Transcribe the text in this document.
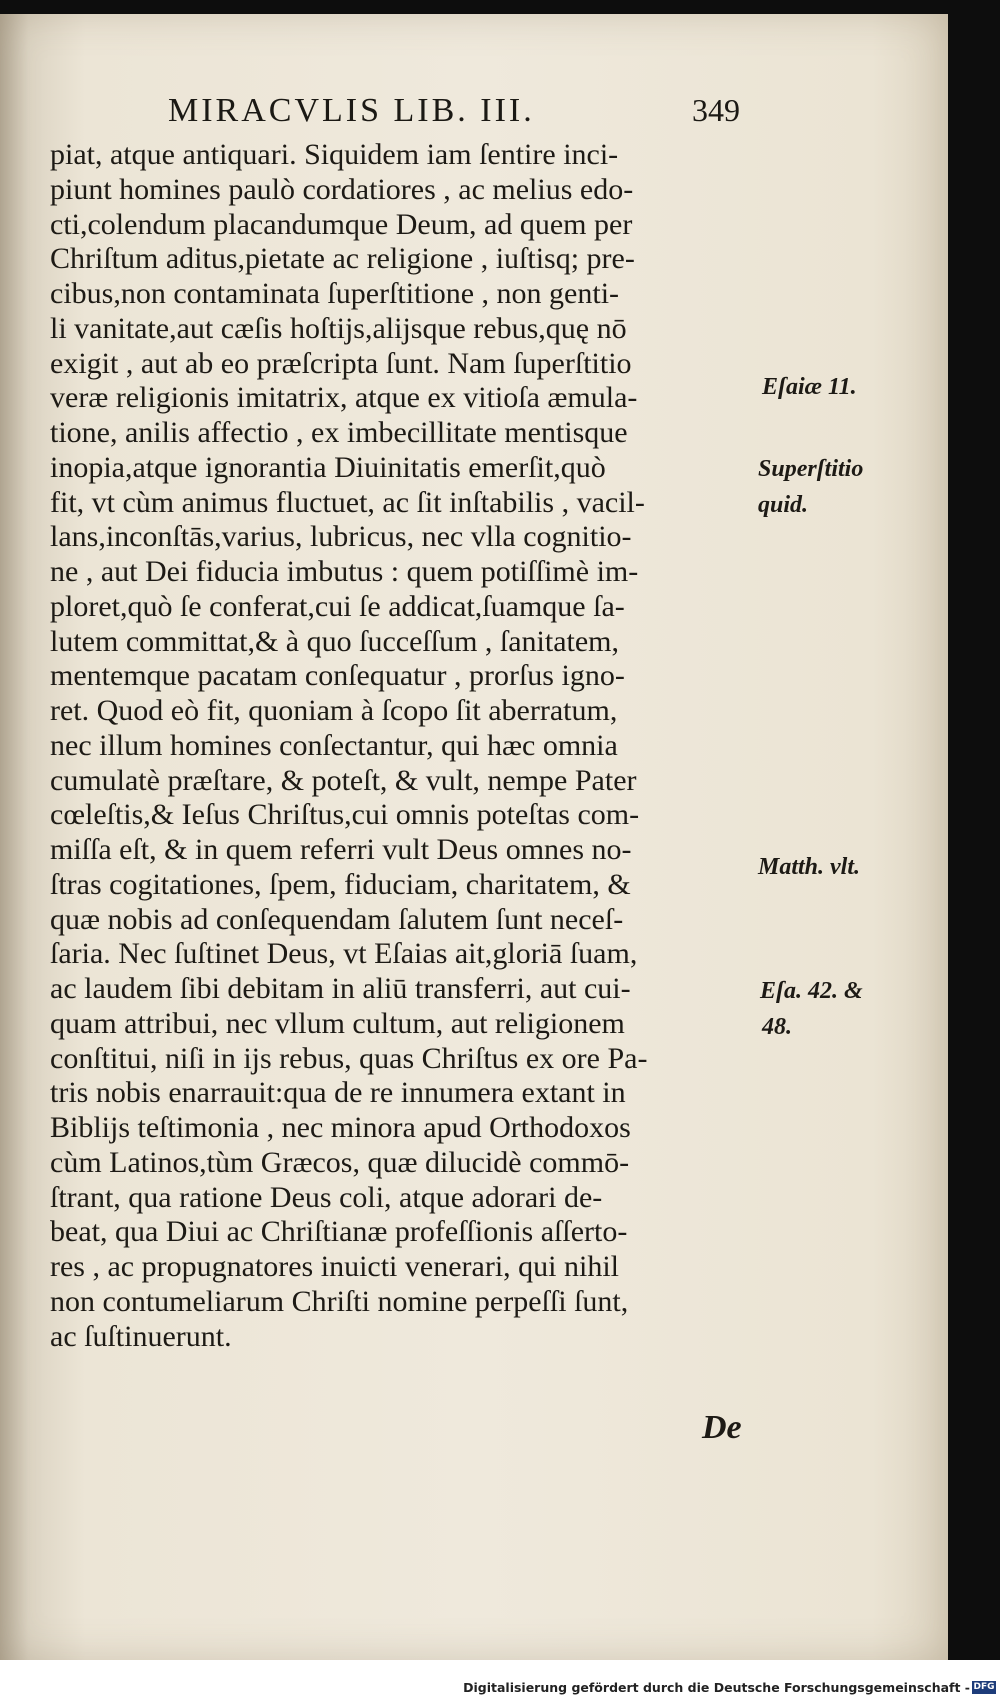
MIRACVLIS LIB. III.	349
piat, atque antiquari. Siquidem iam ſentire inci-
piunt homines paulò cordatiores , ac melius edo-
cti,colendum placandumque Deum, ad quem per
Chriſtum aditus,pietate ac religione , iuſtisq; pre-
cibus,non contaminata ſuperſtitione , non genti-
li vanitate,aut cæſis hoſtijs,alijsque rebus,quę nō
exigit , aut ab eo præſcripta ſunt. Nam ſuperſtitio
veræ religionis imitatrix, atque ex vitioſa æmula-
tione, anilis affectio , ex imbecillitate mentisque
inopia,atque ignorantia Diuinitatis emerſit,quò
fit, vt cùm animus fluctuet, ac ſit inſtabilis , vacil-
lans,inconſtās,varius, lubricus, nec vlla cognitio-
ne , aut Dei fiducia imbutus : quem potiſſimè im-
ploret,quò ſe conferat,cui ſe addicat,ſuamque ſa-
lutem committat,& à quo ſucceſſum , ſanitatem,
mentemque pacatam conſequatur , prorſus igno-
ret. Quod eò fit, quoniam à ſcopo ſit aberratum,
nec illum homines conſectantur, qui hæc omnia
cumulatè præſtare, & poteſt, & vult, nempe Pater
cœleſtis,& Ieſus Chriſtus,cui omnis poteſtas com-
miſſa eſt, & in quem referri vult Deus omnes no-
ſtras cogitationes, ſpem, fiduciam, charitatem, &
quæ nobis ad conſequendam ſalutem ſunt neceſ-
ſaria. Nec ſuſtinet Deus, vt Eſaias ait,gloriā ſuam,
ac laudem ſibi debitam in aliū transferri, aut cui-
quam attribui, nec vllum cultum, aut religionem
conſtitui, niſi in ijs rebus, quas Chriſtus ex ore Pa-
tris nobis enarrauit:qua de re innumera extant in
Biblijs teſtimonia , nec minora apud Orthodoxos
cùm Latinos,tùm Græcos, quæ dilucidè commō-
ſtrant, qua ratione Deus coli, atque adorari de-
beat, qua Diui ac Chriſtianæ profeſſionis aſſerto-
res , ac propugnatores inuicti venerari, qui nihil
non contumeliarum Chriſti nomine perpeſſi ſunt,
ac ſuſtinuerunt.
Eſaiæ 11.
Superſtitio
quid.
Matth. vlt.
Eſa. 42. &
48.
De
Digitalisierung gefördert durch die Deutsche Forschungsgemeinschaft - DFG
